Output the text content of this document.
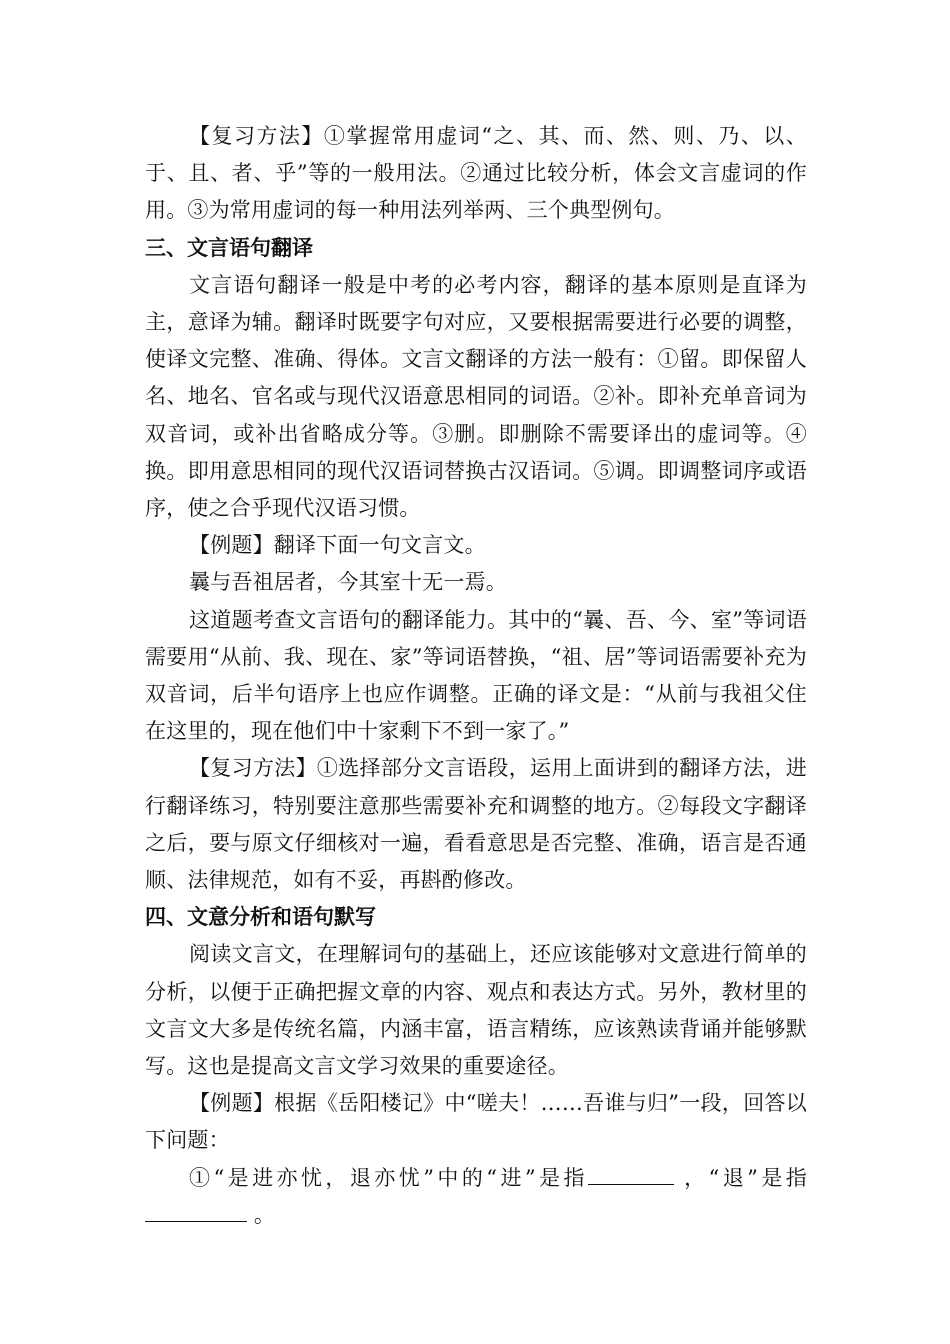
【复习方法】①掌握常用虚词“之、其、而、然、则、乃、以、于、且、者、乎”等的一般用法。②通过比较分析，体会文言虚词的作用。③为常用虚词的每一种用法列举两、三个典型例句。

三、文言语句翻译

文言语句翻译一般是中考的必考内容，翻译的基本原则是直译为主，意译为辅。翻译时既要字句对应，又要根据需要进行必要的调整，使译文完整、准确、得体。文言文翻译的方法一般有：①留。即保留人名、地名、官名或与现代汉语意思相同的词语。②补。即补充单音词为双音词，或补出省略成分等。③删。即删除不需要译出的虚词等。④换。即用意思相同的现代汉语词替换古汉语词。⑤调。即调整词序或语序，使之合乎现代汉语习惯。

【例题】翻译下面一句文言文。

曩与吾祖居者，今其室十无一焉。

这道题考查文言语句的翻译能力。其中的“曩、吾、今、室”等词语需要用“从前、我、现在、家”等词语替换，“祖、居”等词语需要补充为双音词，后半句语序上也应作调整。正确的译文是：“从前与我祖父住在这里的，现在他们中十家剩下不到一家了。”

【复习方法】①选择部分文言语段，运用上面讲到的翻译方法，进行翻译练习，特别要注意那些需要补充和调整的地方。②每段文字翻译之后，要与原文仔细核对一遍，看看意思是否完整、准确，语言是否通顺、法律规范，如有不妥，再斟酌修改。

四、文意分析和语句默写

阅读文言文，在理解词句的基础上，还应该能够对文意进行简单的分析，以便于正确把握文章的内容、观点和表达方式。另外，教材里的文言文大多是传统名篇，内涵丰富，语言精练，应该熟读背诵并能够默写。这也是提高文言文学习效果的重要途径。

【例题】根据《岳阳楼记》中“嗟夫！……吾谁与归”一段，回答以下问题：

①“是进亦忧，退亦忧”中的“进”是指	，“退”是指 。
